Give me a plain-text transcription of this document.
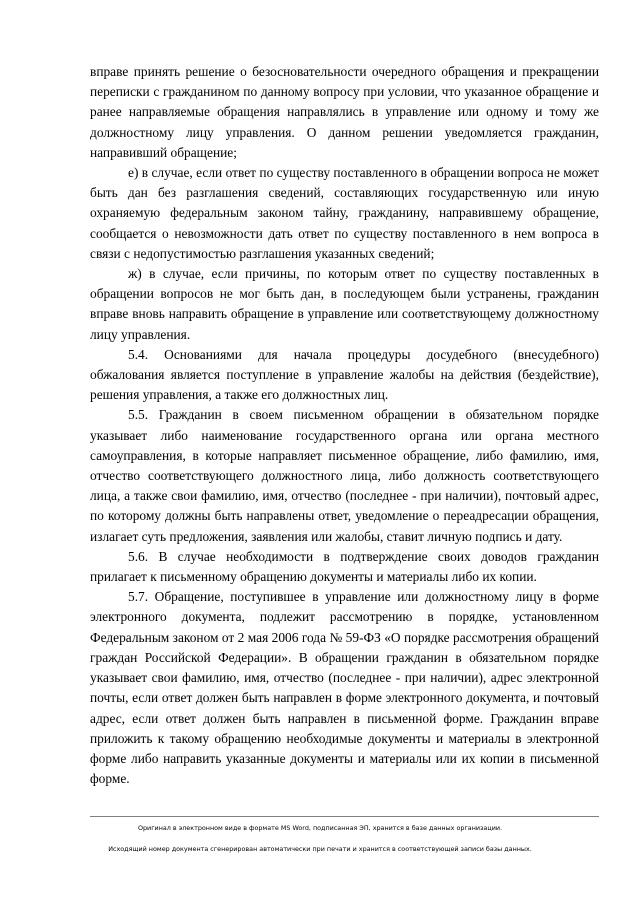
вправе принять решение о безосновательности очередного обращения и прекращении переписки с гражданином по данному вопросу при условии, что указанное обращение и ранее направляемые обращения направлялись в управление или одному и тому же должностному лицу управления. О данном решении уведомляется гражданин, направивший обращение;

е) в случае, если ответ по существу поставленного в обращении вопроса не может быть дан без разглашения сведений, составляющих государственную или иную охраняемую федеральным законом тайну, гражданину, направившему обращение, сообщается о невозможности дать ответ по существу поставленного в нем вопроса в связи с недопустимостью разглашения указанных сведений;

ж) в случае, если причины, по которым ответ по существу поставленных в обращении вопросов не мог быть дан, в последующем были устранены, гражданин вправе вновь направить обращение в управление или соответствующему должностному лицу управления.

5.4. Основаниями для начала процедуры досудебного (внесудебного) обжалования является поступление в управление жалобы на действия (бездействие), решения управления, а также его должностных лиц.

5.5. Гражданин в своем письменном обращении в обязательном порядке указывает либо наименование государственного органа или органа местного самоуправления, в которые направляет письменное обращение, либо фамилию, имя, отчество соответствующего должностного лица, либо должность соответствующего лица, а также свои фамилию, имя, отчество (последнее - при наличии), почтовый адрес, по которому должны быть направлены ответ, уведомление о переадресации обращения, излагает суть предложения, заявления или жалобы, ставит личную подпись и дату.

5.6. В случае необходимости в подтверждение своих доводов гражданин прилагает к письменному обращению документы и материалы либо их копии.

5.7. Обращение, поступившее в управление или должностному лицу в форме электронного документа, подлежит рассмотрению в порядке, установленном Федеральным законом от 2 мая 2006 года № 59-ФЗ «О порядке рассмотрения обращений граждан Российской Федерации». В обращении гражданин в обязательном порядке указывает свои фамилию, имя, отчество (последнее - при наличии), адрес электронной почты, если ответ должен быть направлен в форме электронного документа, и почтовый адрес, если ответ должен быть направлен в письменной форме. Гражданин вправе приложить к такому обращению необходимые документы и материалы в электронной форме либо направить указанные документы и материалы или их копии в письменной форме.

Оригинал в электронном виде в формате MS Word, подписанная ЭП, хранится в базе данных организации.
Исходящий номер документа сгенерирован автоматически при печати и хранится в соответствующей записи базы данных.
